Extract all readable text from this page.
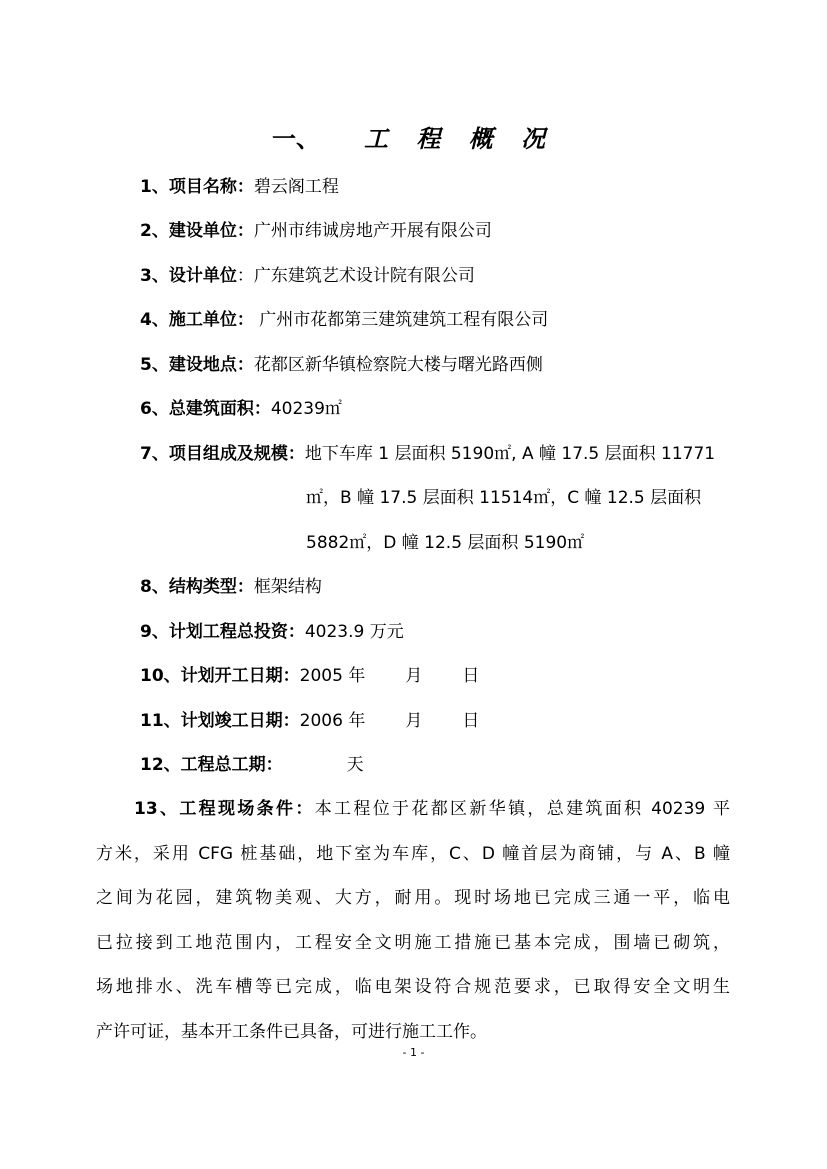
一、 工 程 概 况
1、项目名称：碧云阁工程
2、建设单位：广州市纬诚房地产开展有限公司
3、设计单位：广东建筑艺术设计院有限公司
4、施工单位： 广州市花都第三建筑建筑工程有限公司
5、建设地点：花都区新华镇检察院大楼与曙光路西侧
6、总建筑面积：40239㎡
7、项目组成及规模：地下车库 1 层面积 5190㎡, A 幢 17.5 层面积 11771
㎡，B 幢 17.5 层面积 11514㎡，C 幢 12.5 层面积
5882㎡，D 幢 12.5 层面积 5190㎡
8、结构类型：框架结构
9、计划工程总投资：4023.9 万元
10、计划开工日期：2005 年 月 日
11、计划竣工日期：2006 年 月 日
12、工程总工期：	天
13、工程现场条件：本工程位于花都区新华镇，总建筑面积 40239 平
方米，采用 CFG 桩基础，地下室为车库，C、D 幢首层为商铺，与 A、B 幢
之间为花园，建筑物美观、大方，耐用。现时场地已完成三通一平，临电
已拉接到工地范围内，工程安全文明施工措施已基本完成，围墙已砌筑，
场地排水、洗车槽等已完成，临电架设符合规范要求，已取得安全文明生
产许可证，基本开工条件已具备，可进行施工工作。
- 1 -
